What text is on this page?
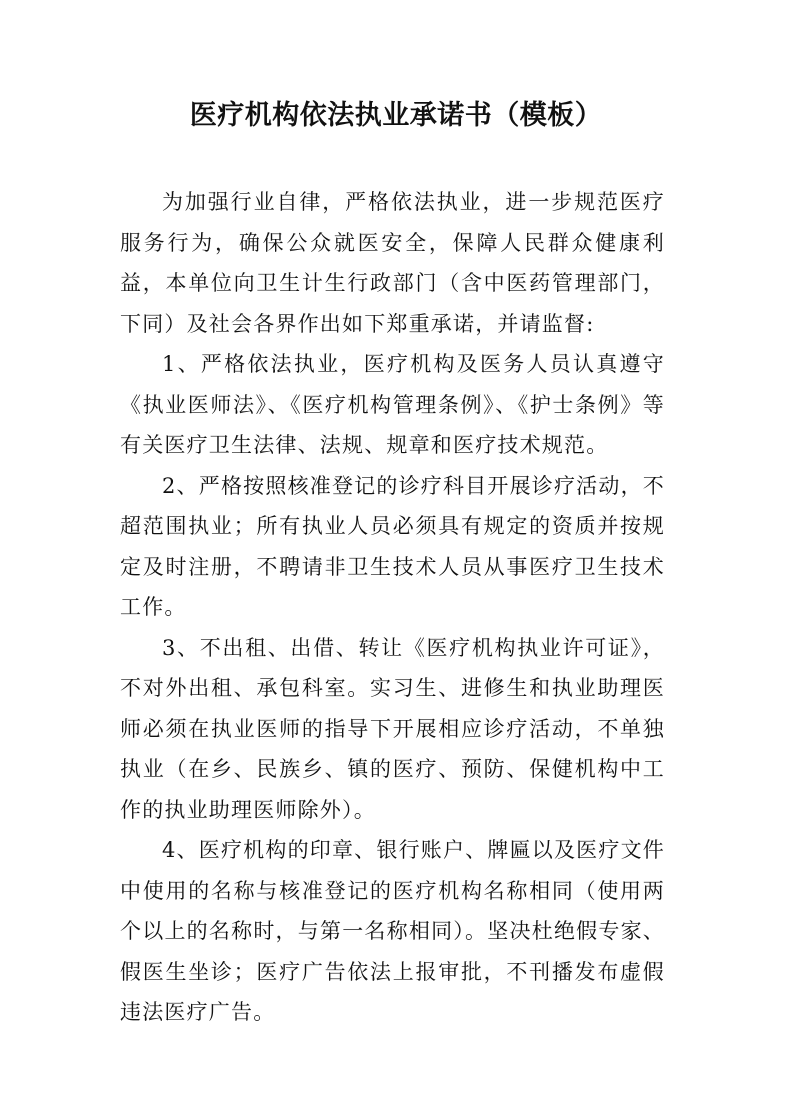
医疗机构依法执业承诺书（模板）

为加强行业自律，严格依法执业，进一步规范医疗服务行为，确保公众就医安全，保障人民群众健康利益，本单位向卫生计生行政部门（含中医药管理部门，下同）及社会各界作出如下郑重承诺，并请监督:

1、严格依法执业，医疗机构及医务人员认真遵守《执业医师法》、《医疗机构管理条例》、《护士条例》等有关医疗卫生法律、法规、规章和医疗技术规范。

2、严格按照核准登记的诊疗科目开展诊疗活动，不超范围执业；所有执业人员必须具有规定的资质并按规定及时注册，不聘请非卫生技术人员从事医疗卫生技术工作。

3、不出租、出借、转让《医疗机构执业许可证》，不对外出租、承包科室。实习生、进修生和执业助理医师必须在执业医师的指导下开展相应诊疗活动，不单独执业（在乡、民族乡、镇的医疗、预防、保健机构中工作的执业助理医师除外）。

4、医疗机构的印章、银行账户、牌匾以及医疗文件中使用的名称与核准登记的医疗机构名称相同（使用两个以上的名称时，与第一名称相同）。坚决杜绝假专家、假医生坐诊；医疗广告依法上报审批，不刊播发布虚假违法医疗广告。
